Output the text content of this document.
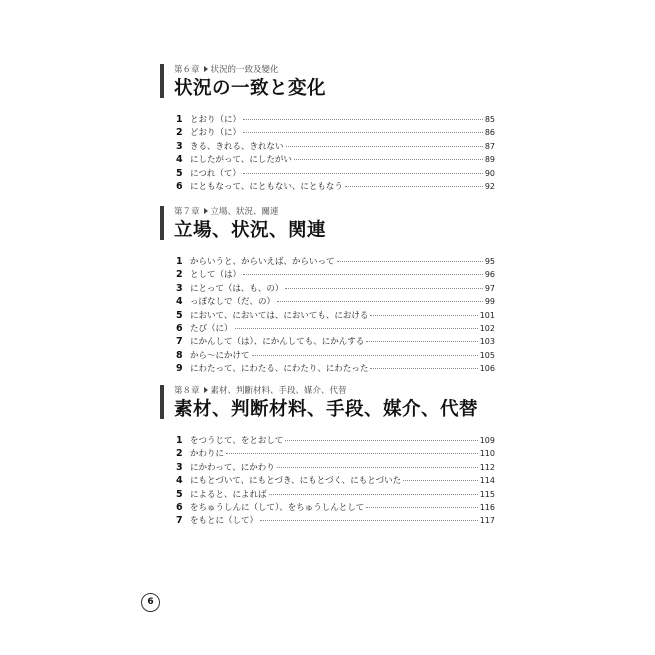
第６章 状況的一致及變化
状況の一致と変化
1 とおり（に）	85
2 どおり（に）	86
3 きる、きれる、きれない	87
4 にしたがって、にしたがい	89
5 につれ（て）	90
6 にともなって、にともない、にともなう	92
第７章 立場、狀況、關連
立場、状況、関連
1 からいうと、からいえば、からいって	95
2 として（は）	96
3 にとって（は、も、の）	97
4 っぽなしで（だ、の）	99
5 において、においては、においても、における	101
6 たび（に）	102
7 にかんして（は）、にかんしても、にかんする	103
8 から〜にかけて	105
9 にわたって、にわたる、にわたり、にわたった	106
第８章 素材、判斷材料、手段、媒介、代替
素材、判断材料、手段、媒介、代替
1 をつうじて、をとおして	109
2 かわりに	110
3 にかわって、にかわり	112
4 にもとづいて、にもとづき、にもとづく、にもとづいた	114
5 によると、によれば	115
6 をちゅうしんに（して）、をちゅうしんとして	116
7 をもとに（して）	117
6
